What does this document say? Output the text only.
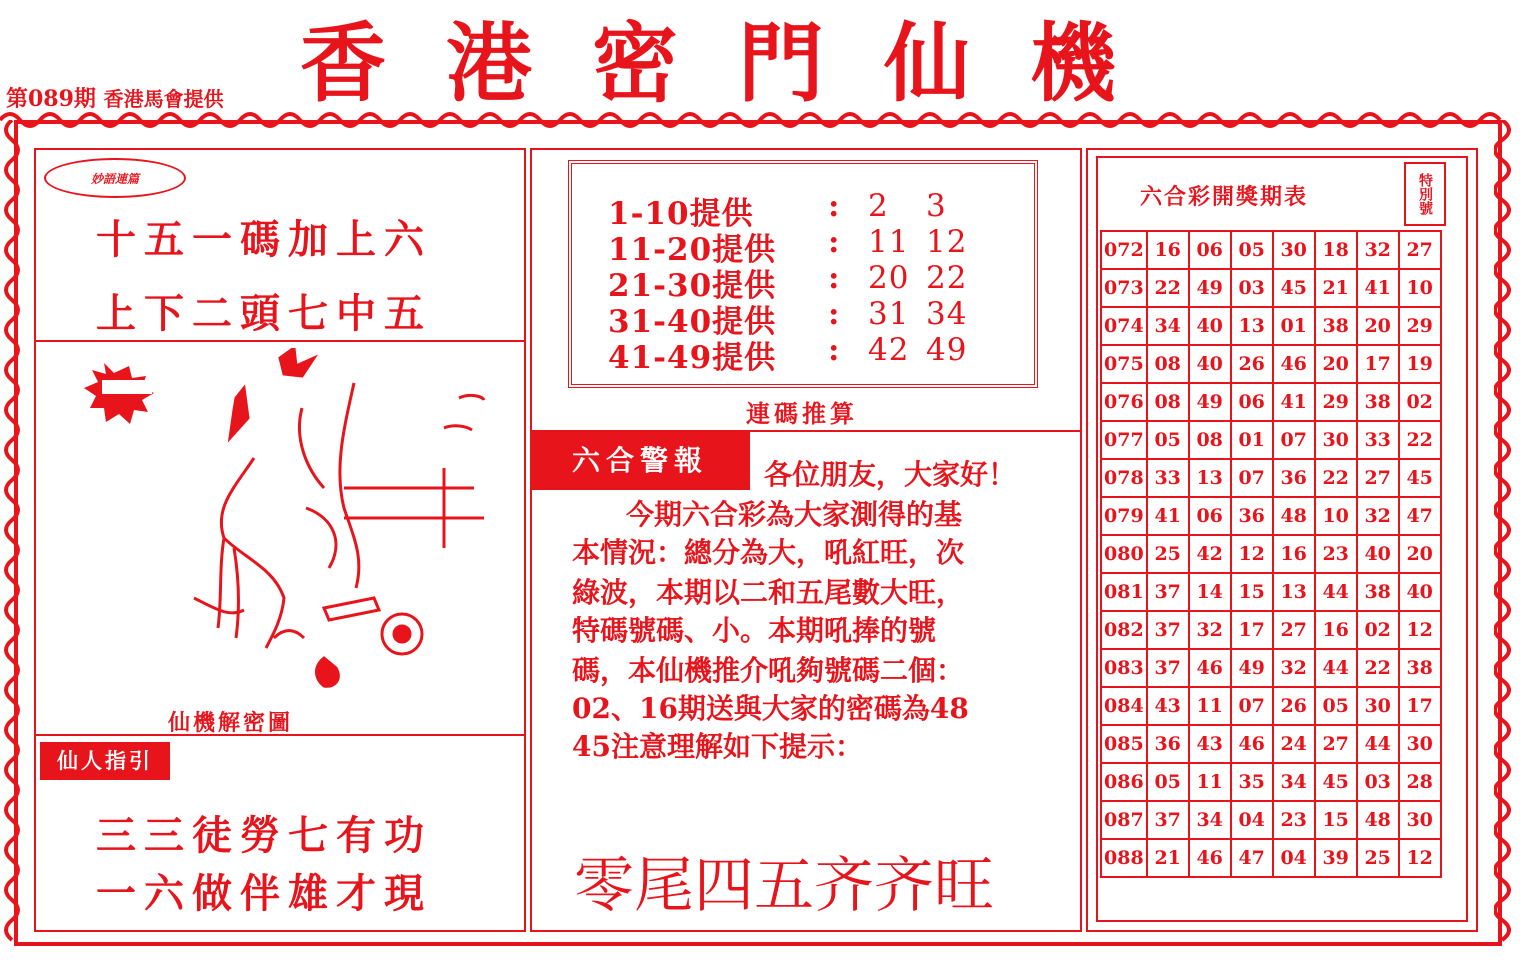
第089期 香港馬會提供 香港密門仙機
妙語連篇
十五一碼加上六
上下二頭七中五
仙機解密圖
仙人指引
三三徒勞七有功
一六做伴雄才現
1-10提供	: 2	3
11-20提供	: 11 12
21-30提供	: 20 22
31-40提供	: 31 34
41-49提供	: 42 49
連碼推算
六合警報	各位朋友，大家好！
今期六合彩為大家測得的基
本情況：總分為大，吼紅旺，次
綠波，本期以二和五尾數大旺，
特碼號碼、小。本期吼捧的號
碼，本仙機推介吼夠號碼二個：
02、16期送與大家的密碼為48
45注意理解如下提示：
零尾四五齐齐旺
六合彩開獎期表	特別號
072	16	06	05	30	18	32	27
073	22	49	03	45	21	41	10
074	34	40	13	01	38	20	29
075	08	40	26	46	20	17	19
076	08	49	06	41	29	38	02
077	05	08	01	07	30	33	22
078	33	13	07	36	22	27	45
079	41	06	36	48	10	32	47
080	25	42	12	16	23	40	20
081	37	14	15	13	44	38	40
082	37	32	17	27	16	02	12
083	37	46	49	32	44	22	38
084	43	11	07	26	05	30	17
085	36	43	46	24	27	44	30
086	05	11	35	34	45	03	28
087	37	34	04	23	15	48	30
088	21	46	47	04	39	25	12
